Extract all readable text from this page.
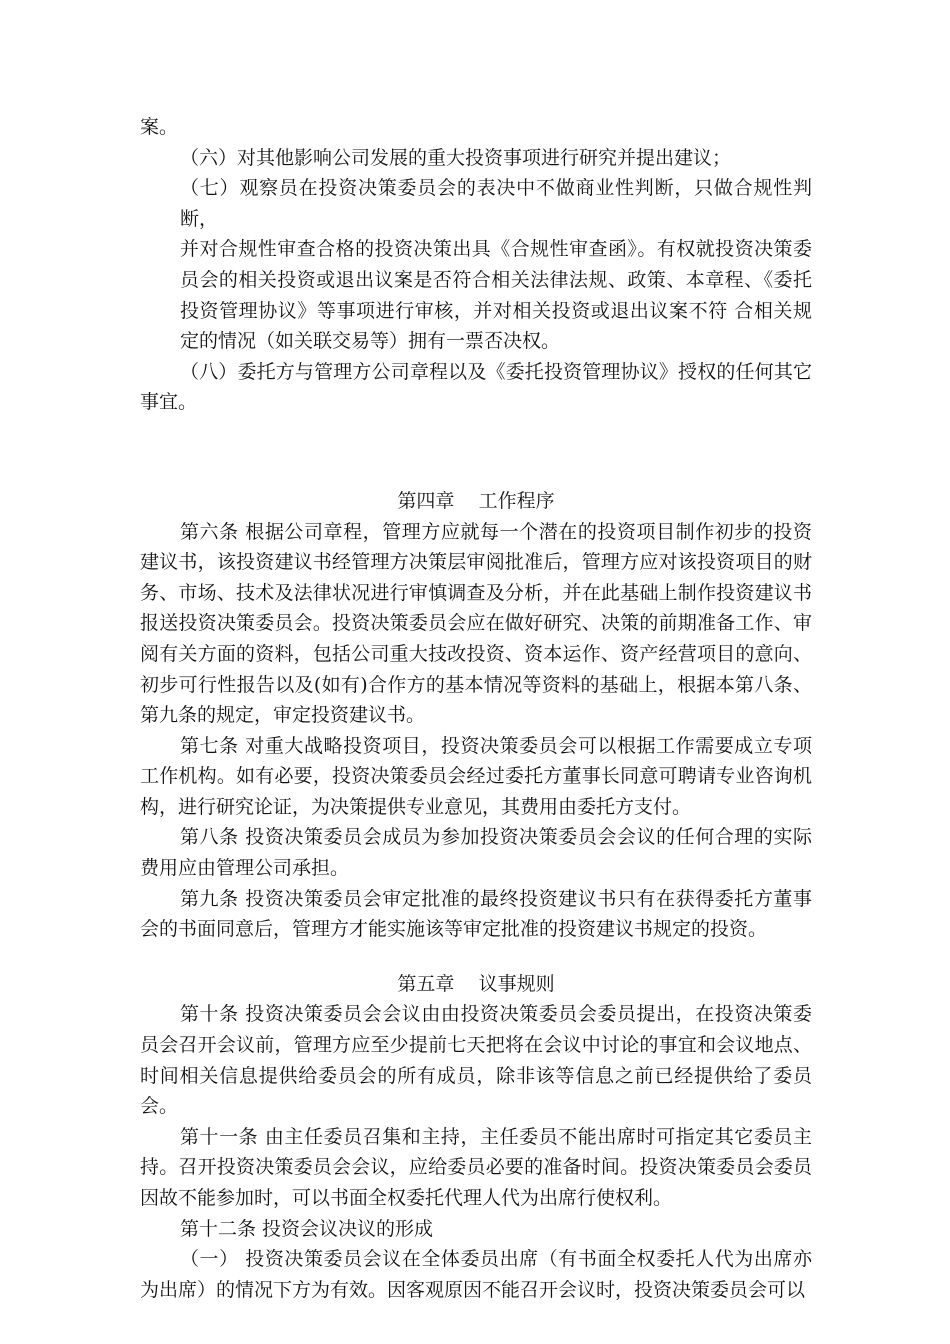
案。

（六）对其他影响公司发展的重大投资事项进行研究并提出建议；

（七）观察员在投资决策委员会的表决中不做商业性判断，只做合规性判断，

并对合规性审查合格的投资决策出具《合规性审查函》。有权就投资决策委员会的相关投资或退出议案是否符合相关法律法规、政策、本章程、《委托投资管理协议》等事项进行审核，并对相关投资或退出议案不符 合相关规定的情况（如关联交易等）拥有一票否决权。

（八）委托方与管理方公司章程以及《委托投资管理协议》授权的任何其它事宜。

第四章    工作程序

第六条 根据公司章程，管理方应就每一个潜在的投资项目制作初步的投资建议书，该投资建议书经管理方决策层审阅批准后，管理方应对该投资项目的财务、市场、技术及法律状况进行审慎调查及分析，并在此基础上制作投资建议书报送投资决策委员会。投资决策委员会应在做好研究、决策的前期准备工作、审阅有关方面的资料，包括公司重大技改投资、资本运作、资产经营项目的意向、初步可行性报告以及(如有)合作方的基本情况等资料的基础上，根据本第八条、第九条的规定，审定投资建议书。

第七条 对重大战略投资项目，投资决策委员会可以根据工作需要成立专项工作机构。如有必要，投资决策委员会经过委托方董事长同意可聘请专业咨询机构，进行研究论证，为决策提供专业意见，其费用由委托方支付。

第八条 投资决策委员会成员为参加投资决策委员会会议的任何合理的实际费用应由管理公司承担。

第九条 投资决策委员会审定批准的最终投资建议书只有在获得委托方董事会的书面同意后，管理方才能实施该等审定批准的投资建议书规定的投资。

第五章    议事规则

第十条 投资决策委员会会议由由投资决策委员会委员提出，在投资决策委员会召开会议前，管理方应至少提前七天把将在会议中讨论的事宜和会议地点、时间相关信息提供给委员会的所有成员，除非该等信息之前已经提供给了委员会。

第十一条 由主任委员召集和主持，主任委员不能出席时可指定其它委员主持。召开投资决策委员会会议，应给委员必要的准备时间。投资决策委员会委员因故不能参加时，可以书面全权委托代理人代为出席行使权利。

第十二条 投资会议决议的形成

（一） 投资决策委员会议在全体委员出席（有书面全权委托人代为出席亦为出席）的情况下方为有效。因客观原因不能召开会议时，投资决策委员会可以
